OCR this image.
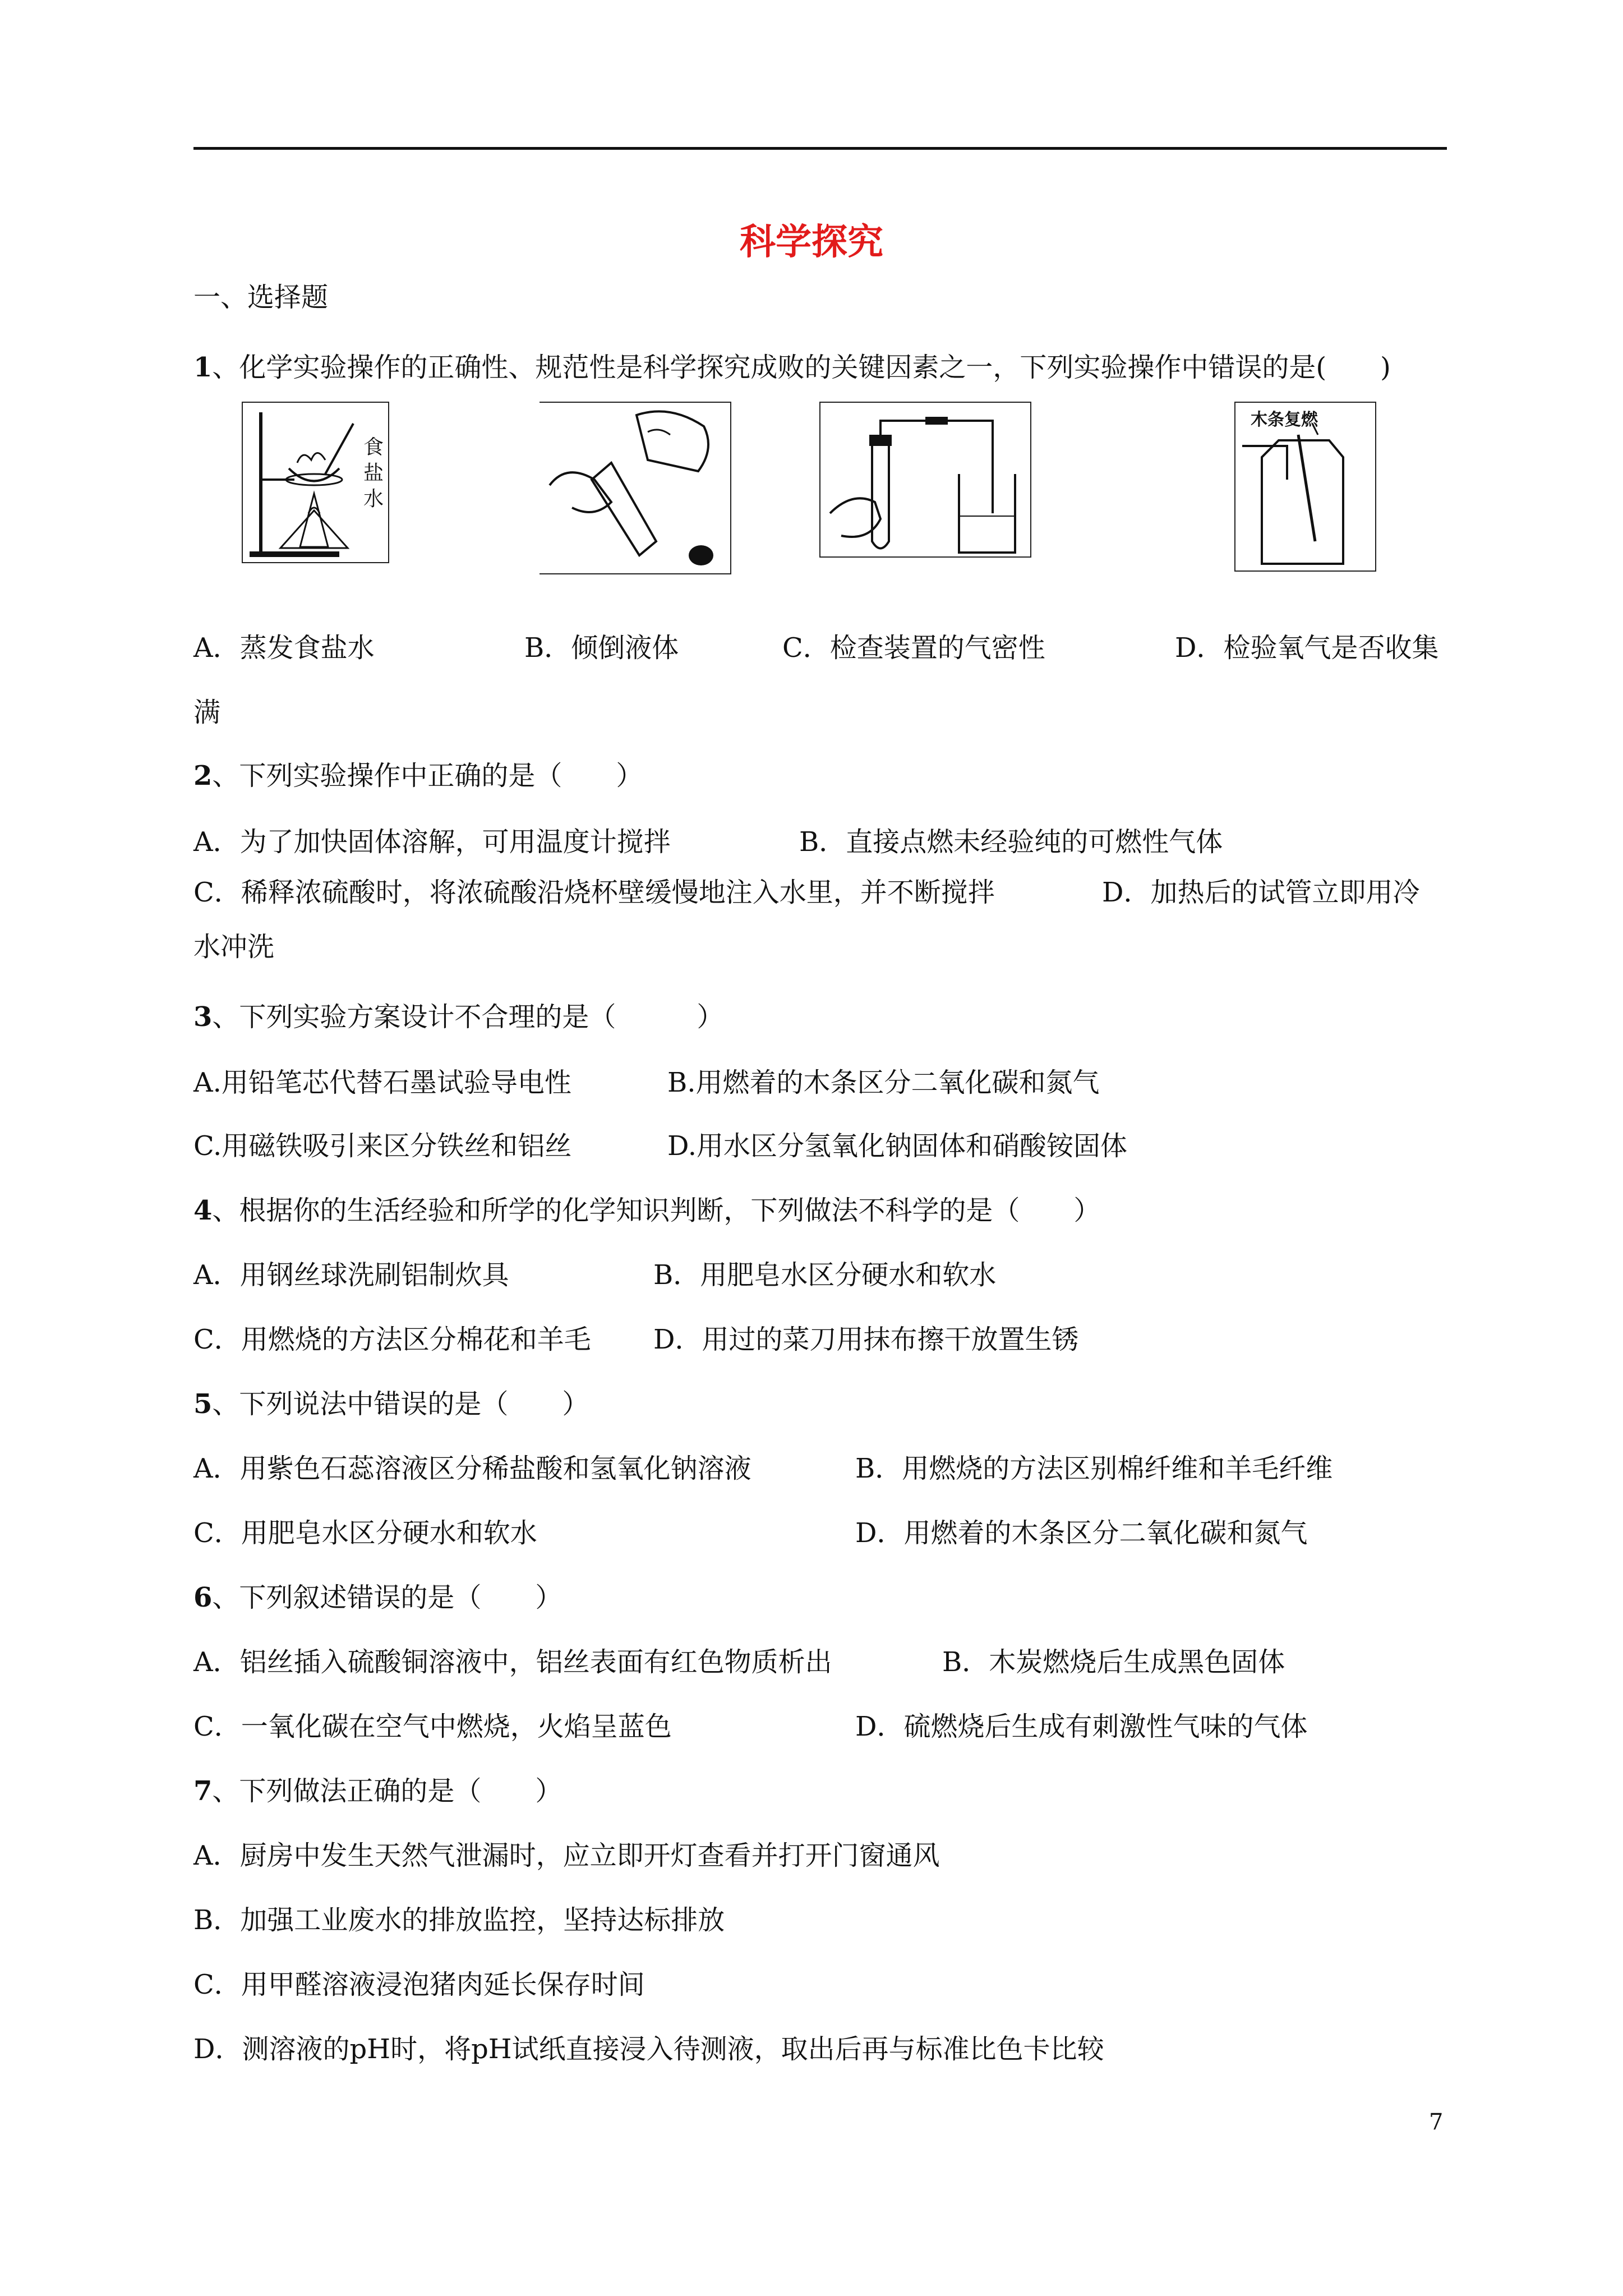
科学探究
一、选择题
1、化学实验操作的正确性、规范性是科学探究成败的关键因素之一，下列实验操作中错误的是(　　)
食盐水
木条复燃
A．蒸发食盐水	B．倾倒液体	C．检查装置的气密性	D．检验氧气是否收集
满
2、下列实验操作中正确的是（　　）
A．为了加快固体溶解，可用温度计搅拌	B．直接点燃未经验纯的可燃性气体
C．稀释浓硫酸时，将浓硫酸沿烧杯壁缓慢地注入水里，并不断搅拌	D．加热后的试管立即用冷
水冲洗
3、下列实验方案设计不合理的是（　　　）
A.用铅笔芯代替石墨试验导电性	B.用燃着的木条区分二氧化碳和氮气
C.用磁铁吸引来区分铁丝和铝丝	D.用水区分氢氧化钠固体和硝酸铵固体
4、根据你的生活经验和所学的化学知识判断，下列做法不科学的是（　　）
A．用钢丝球洗刷铝制炊具	B．用肥皂水区分硬水和软水
C．用燃烧的方法区分棉花和羊毛 D．用过的菜刀用抹布擦干放置生锈
5、下列说法中错误的是（　　）
A．用紫色石蕊溶液区分稀盐酸和氢氧化钠溶液	B．用燃烧的方法区别棉纤维和羊毛纤维
C．用肥皂水区分硬水和软水	D．用燃着的木条区分二氧化碳和氮气
6、下列叙述错误的是（　　）
A．铝丝插入硫酸铜溶液中，铝丝表面有红色物质析出	B．木炭燃烧后生成黑色固体
C．一氧化碳在空气中燃烧，火焰呈蓝色	D．硫燃烧后生成有刺激性气味的气体
7、下列做法正确的是（　　）
A．厨房中发生天然气泄漏时，应立即开灯查看并打开门窗通风
B．加强工业废水的排放监控，坚持达标排放
C．用甲醛溶液浸泡猪肉延长保存时间
D．测溶液的pH时，将pH试纸直接浸入待测液，取出后再与标准比色卡比较
7
